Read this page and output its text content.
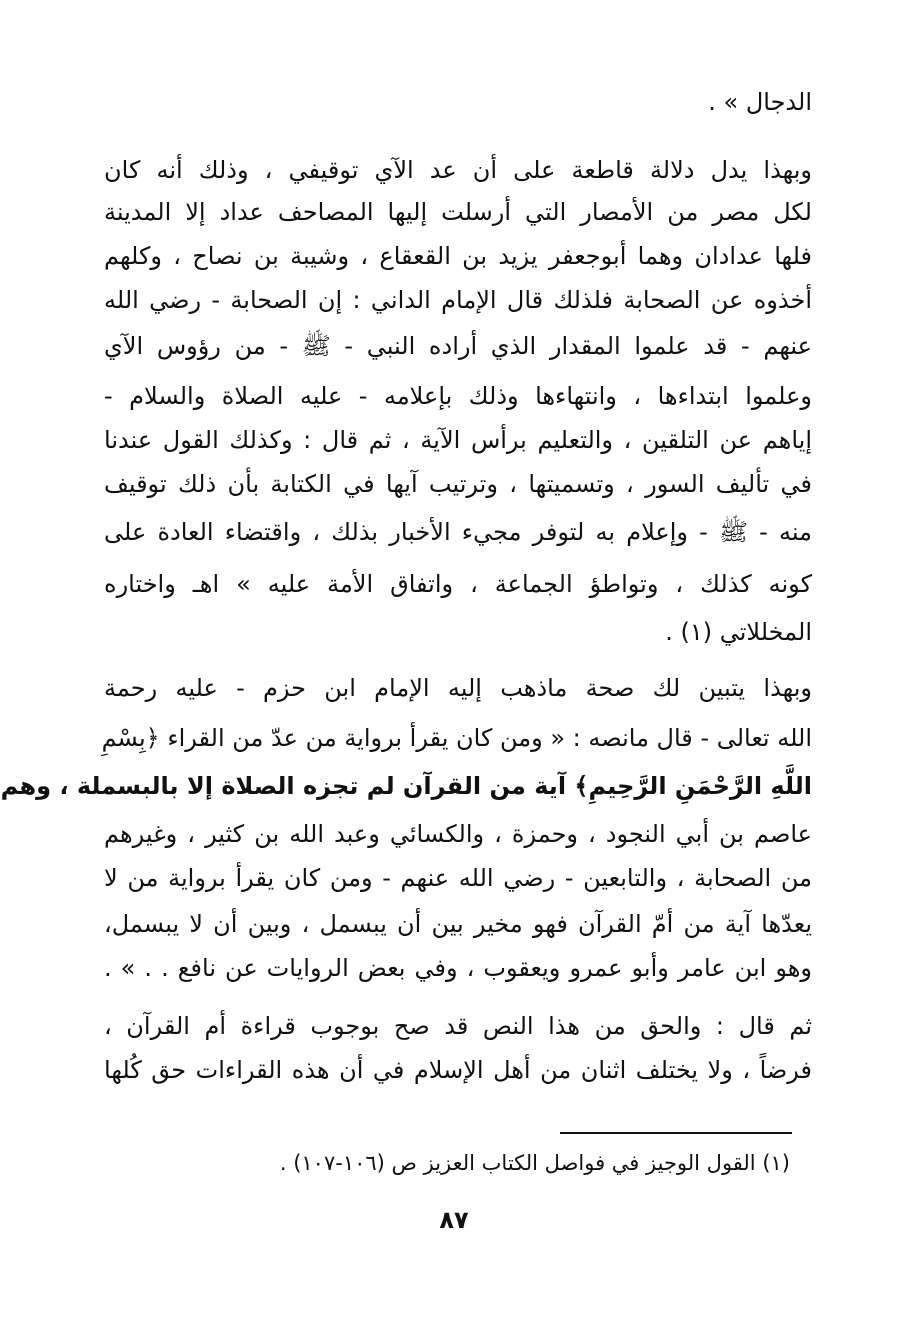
الدجال » .
وبهذا يدل دلالة قاطعة على أن عد الآي توقيفي ، وذلك أنه كان
لكل مصر من الأمصار التي أرسلت إليها المصاحف عداد إلا المدينة
فلها عدادان وهما أبوجعفر يزيد بن القعقاع ، وشيبة بن نصاح ، وكلهم
أخذوه عن الصحابة فلذلك قال الإمام الداني : إن الصحابة - رضي الله
عنهم - قد علموا المقدار الذي أراده النبي - ﷺ - من رؤوس الآي
وعلموا ابتداءها ، وانتهاءها وذلك بإعلامه - عليه الصلاة والسلام -
إياهم عن التلقين ، والتعليم برأس الآية ، ثم قال : وكذلك القول عندنا
في تأليف السور ، وتسميتها ، وترتيب آيها في الكتابة بأن ذلك توقيف
منه - ﷺ - وإعلام به لتوفر مجيء الأخبار بذلك ، واقتضاء العادة على
كونه كذلك ، وتواطؤ الجماعة ، واتفاق الأمة عليه » اهـ واختاره
المخللاتي (١) .
وبهذا يتبين لك صحة ماذهب إليه الإمام ابن حزم - عليه رحمة
الله تعالى - قال مانصه : « ومن كان يقرأ برواية من عدّ من القراء ﴿بِسْمِ
اللَّهِ الرَّحْمَنِ الرَّحِيمِ﴾ آية من القرآن لم تجزه الصلاة إلا بالبسملة ، وهم
عاصم بن أبي النجود ، وحمزة ، والكسائي وعبد الله بن كثير ، وغيرهم
من الصحابة ، والتابعين - رضي الله عنهم - ومن كان يقرأ برواية من لا
يعدّها آية من أمّ القرآن فهو مخير بين أن يبسمل ، وبين أن لا يبسمل،
وهو ابن عامر وأبو عمرو ويعقوب ، وفي بعض الروايات عن نافع . . » .
ثم قال : والحق من هذا النص قد صح بوجوب قراءة أم القرآن ،
فرضاً ، ولا يختلف اثنان من أهل الإسلام في أن هذه القراءات حق كُلها
(١) القول الوجيز في فواصل الكتاب العزيز ص (١٠٦-١٠٧) .
٨٧
